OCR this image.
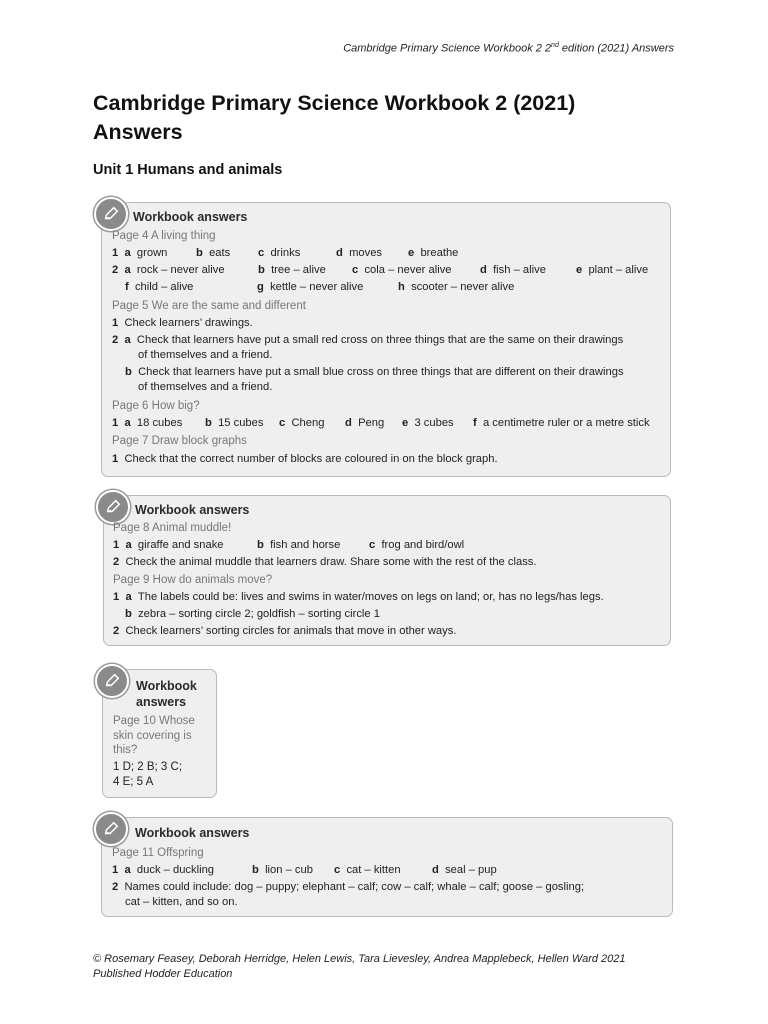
Cambridge Primary Science Workbook 2 2nd edition (2021) Answers
Cambridge Primary Science Workbook 2 (2021) Answers
Unit 1 Humans and animals
Workbook answers
Page 4 A living thing
1 a grown	b eats c drinks	d moves e breathe
2 a rock – never alive	b tree – alive c cola – never alive	d fish – alive	e plant – alive
f child – alive	g kettle – never alive	h scooter – never alive
Page 5 We are the same and different
1 Check learners’ drawings.
2 a Check that learners have put a small red cross on three things that are the same on their drawings
of themselves and a friend.
b Check that learners have put a small blue cross on three things that are different on their drawings
of themselves and a friend.
Page 6 How big?
1 a 18 cubes b 15 cubes c Cheng d Peng e 3 cubes f a centimetre ruler or a metre stick
Page 7 Draw block graphs
1 Check that the correct number of blocks are coloured in on the block graph.
Workbook answers
Page 8 Animal muddle!
1 a giraffe and snake	b fish and horse	c frog and bird/owl
2 Check the animal muddle that learners draw. Share some with the rest of the class.
Page 9 How do animals move?
1 a The labels could be: lives and swims in water/moves on legs on land; or, has no legs/has legs.
b zebra – sorting circle 2; goldfish – sorting circle 1
2 Check learners’ sorting circles for animals that move in other ways.
Workbook
answers
Page 10 Whose
skin covering is
this?
1 D; 2 B; 3 C;
4 E; 5 A
Workbook answers
Page 11 Offspring
1 a duck – duckling	b lion – cub c cat – kitten	d seal – pup
2 Names could include: dog – puppy; elephant – calf; cow – calf; whale – calf; goose – gosling;
cat – kitten, and so on.
© Rosemary Feasey, Deborah Herridge, Helen Lewis, Tara Lievesley, Andrea Mapplebeck, Hellen Ward 2021
Published Hodder Education
